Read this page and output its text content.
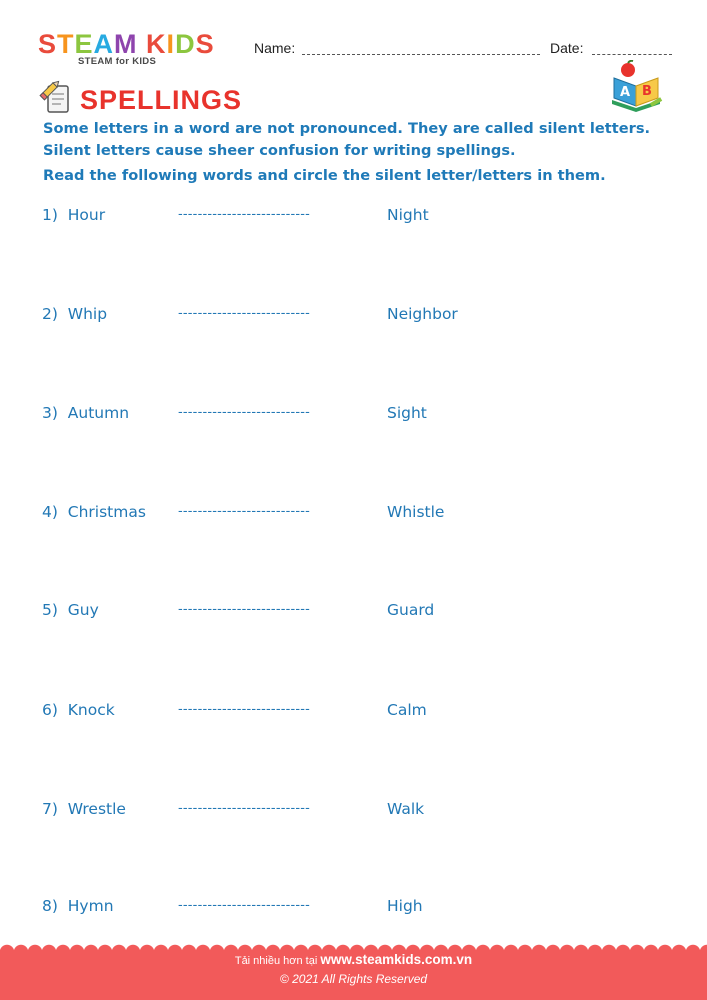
STEAM KIDS
STEAM for KIDS
Name:	Date:
SPELLINGS	A B
Some letters in a word are not pronounced. They are called silent letters. Silent letters cause sheer confusion for writing spellings.
Read the following words and circle the silent letter/letters in them.
1)  Hour	---------------------------	Night
2)  Whip	---------------------------	Neighbor
3)  Autumn	---------------------------	Sight
4)  Christmas ---------------------------	Whistle
5)  Guy	---------------------------	Guard
6)  Knock	---------------------------	Calm
7)  Wrestle	---------------------------	Walk
8)  Hymn	---------------------------	High
Tải nhiều hơn tại www.steamkids.com.vn
© 2021 All Rights Reserved
